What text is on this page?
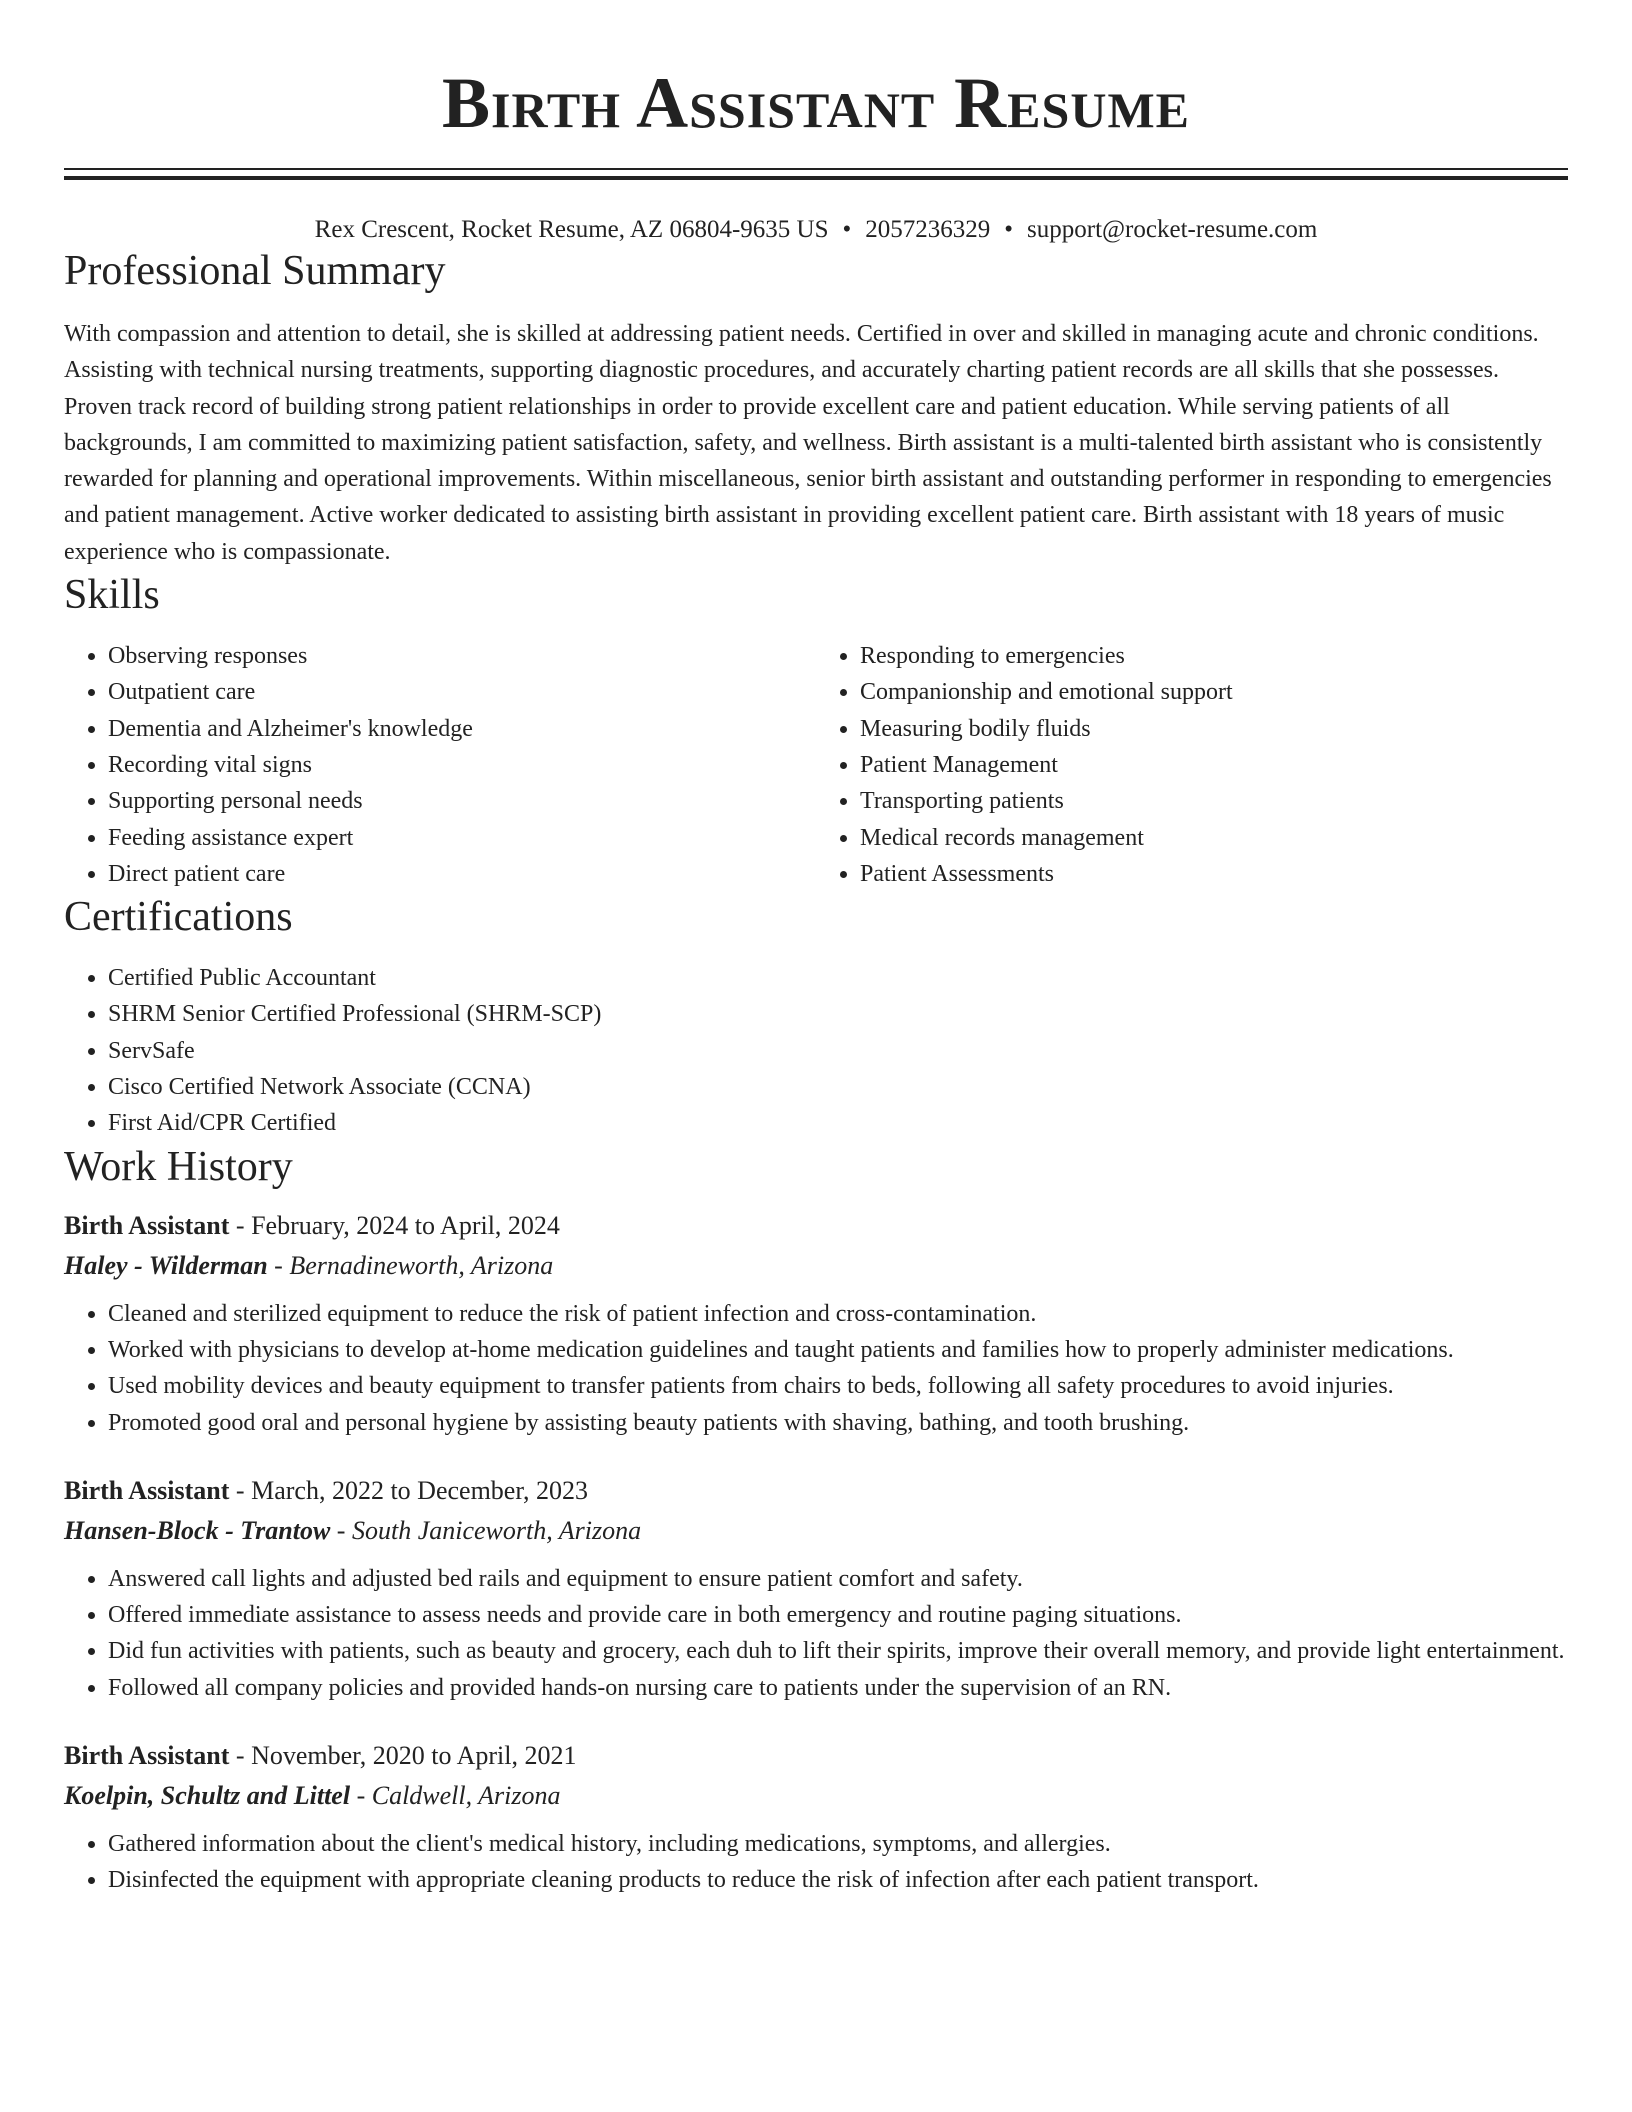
Birth Assistant Resume
Rex Crescent, Rocket Resume, AZ 06804-9635 US • 2057236329 • support@rocket-resume.com
Professional Summary

With compassion and attention to detail, she is skilled at addressing patient needs. Certified in over and skilled in managing acute and chronic conditions. Assisting with technical nursing treatments, supporting diagnostic procedures, and accurately charting patient records are all skills that she possesses. Proven track record of building strong patient relationships in order to provide excellent care and patient education. While serving patients of all backgrounds, I am committed to maximizing patient satisfaction, safety, and wellness. Birth assistant is a multi-talented birth assistant who is consistently rewarded for planning and operational improvements. Within miscellaneous, senior birth assistant and outstanding performer in responding to emergencies and patient management. Active worker dedicated to assisting birth assistant in providing excellent patient care. Birth assistant with 18 years of music experience who is compassionate.

Skills
• Observing responses
• Outpatient care
• Dementia and Alzheimer's knowledge
• Recording vital signs
• Supporting personal needs
• Feeding assistance expert
• Direct patient care
• Responding to emergencies
• Companionship and emotional support
• Measuring bodily fluids
• Patient Management
• Transporting patients
• Medical records management
• Patient Assessments
Certifications
• Certified Public Accountant
• SHRM Senior Certified Professional (SHRM-SCP)
• ServSafe
• Cisco Certified Network Associate (CCNA)
• First Aid/CPR Certified
Work History
Birth Assistant - February, 2024 to April, 2024
Haley - Wilderman - Bernadineworth, Arizona
• Cleaned and sterilized equipment to reduce the risk of patient infection and cross-contamination.
• Worked with physicians to develop at-home medication guidelines and taught patients and families how to properly administer medications.
• Used mobility devices and beauty equipment to transfer patients from chairs to beds, following all safety procedures to avoid injuries.
• Promoted good oral and personal hygiene by assisting beauty patients with shaving, bathing, and tooth brushing.
Birth Assistant - March, 2022 to December, 2023
Hansen-Block - Trantow - South Janiceworth, Arizona
• Answered call lights and adjusted bed rails and equipment to ensure patient comfort and safety.
• Offered immediate assistance to assess needs and provide care in both emergency and routine paging situations.
• Did fun activities with patients, such as beauty and grocery, each duh to lift their spirits, improve their overall memory, and provide light entertainment.
• Followed all company policies and provided hands-on nursing care to patients under the supervision of an RN.
Birth Assistant - November, 2020 to April, 2021
Koelpin, Schultz and Littel - Caldwell, Arizona
• Gathered information about the client's medical history, including medications, symptoms, and allergies.
• Disinfected the equipment with appropriate cleaning products to reduce the risk of infection after each patient transport.
